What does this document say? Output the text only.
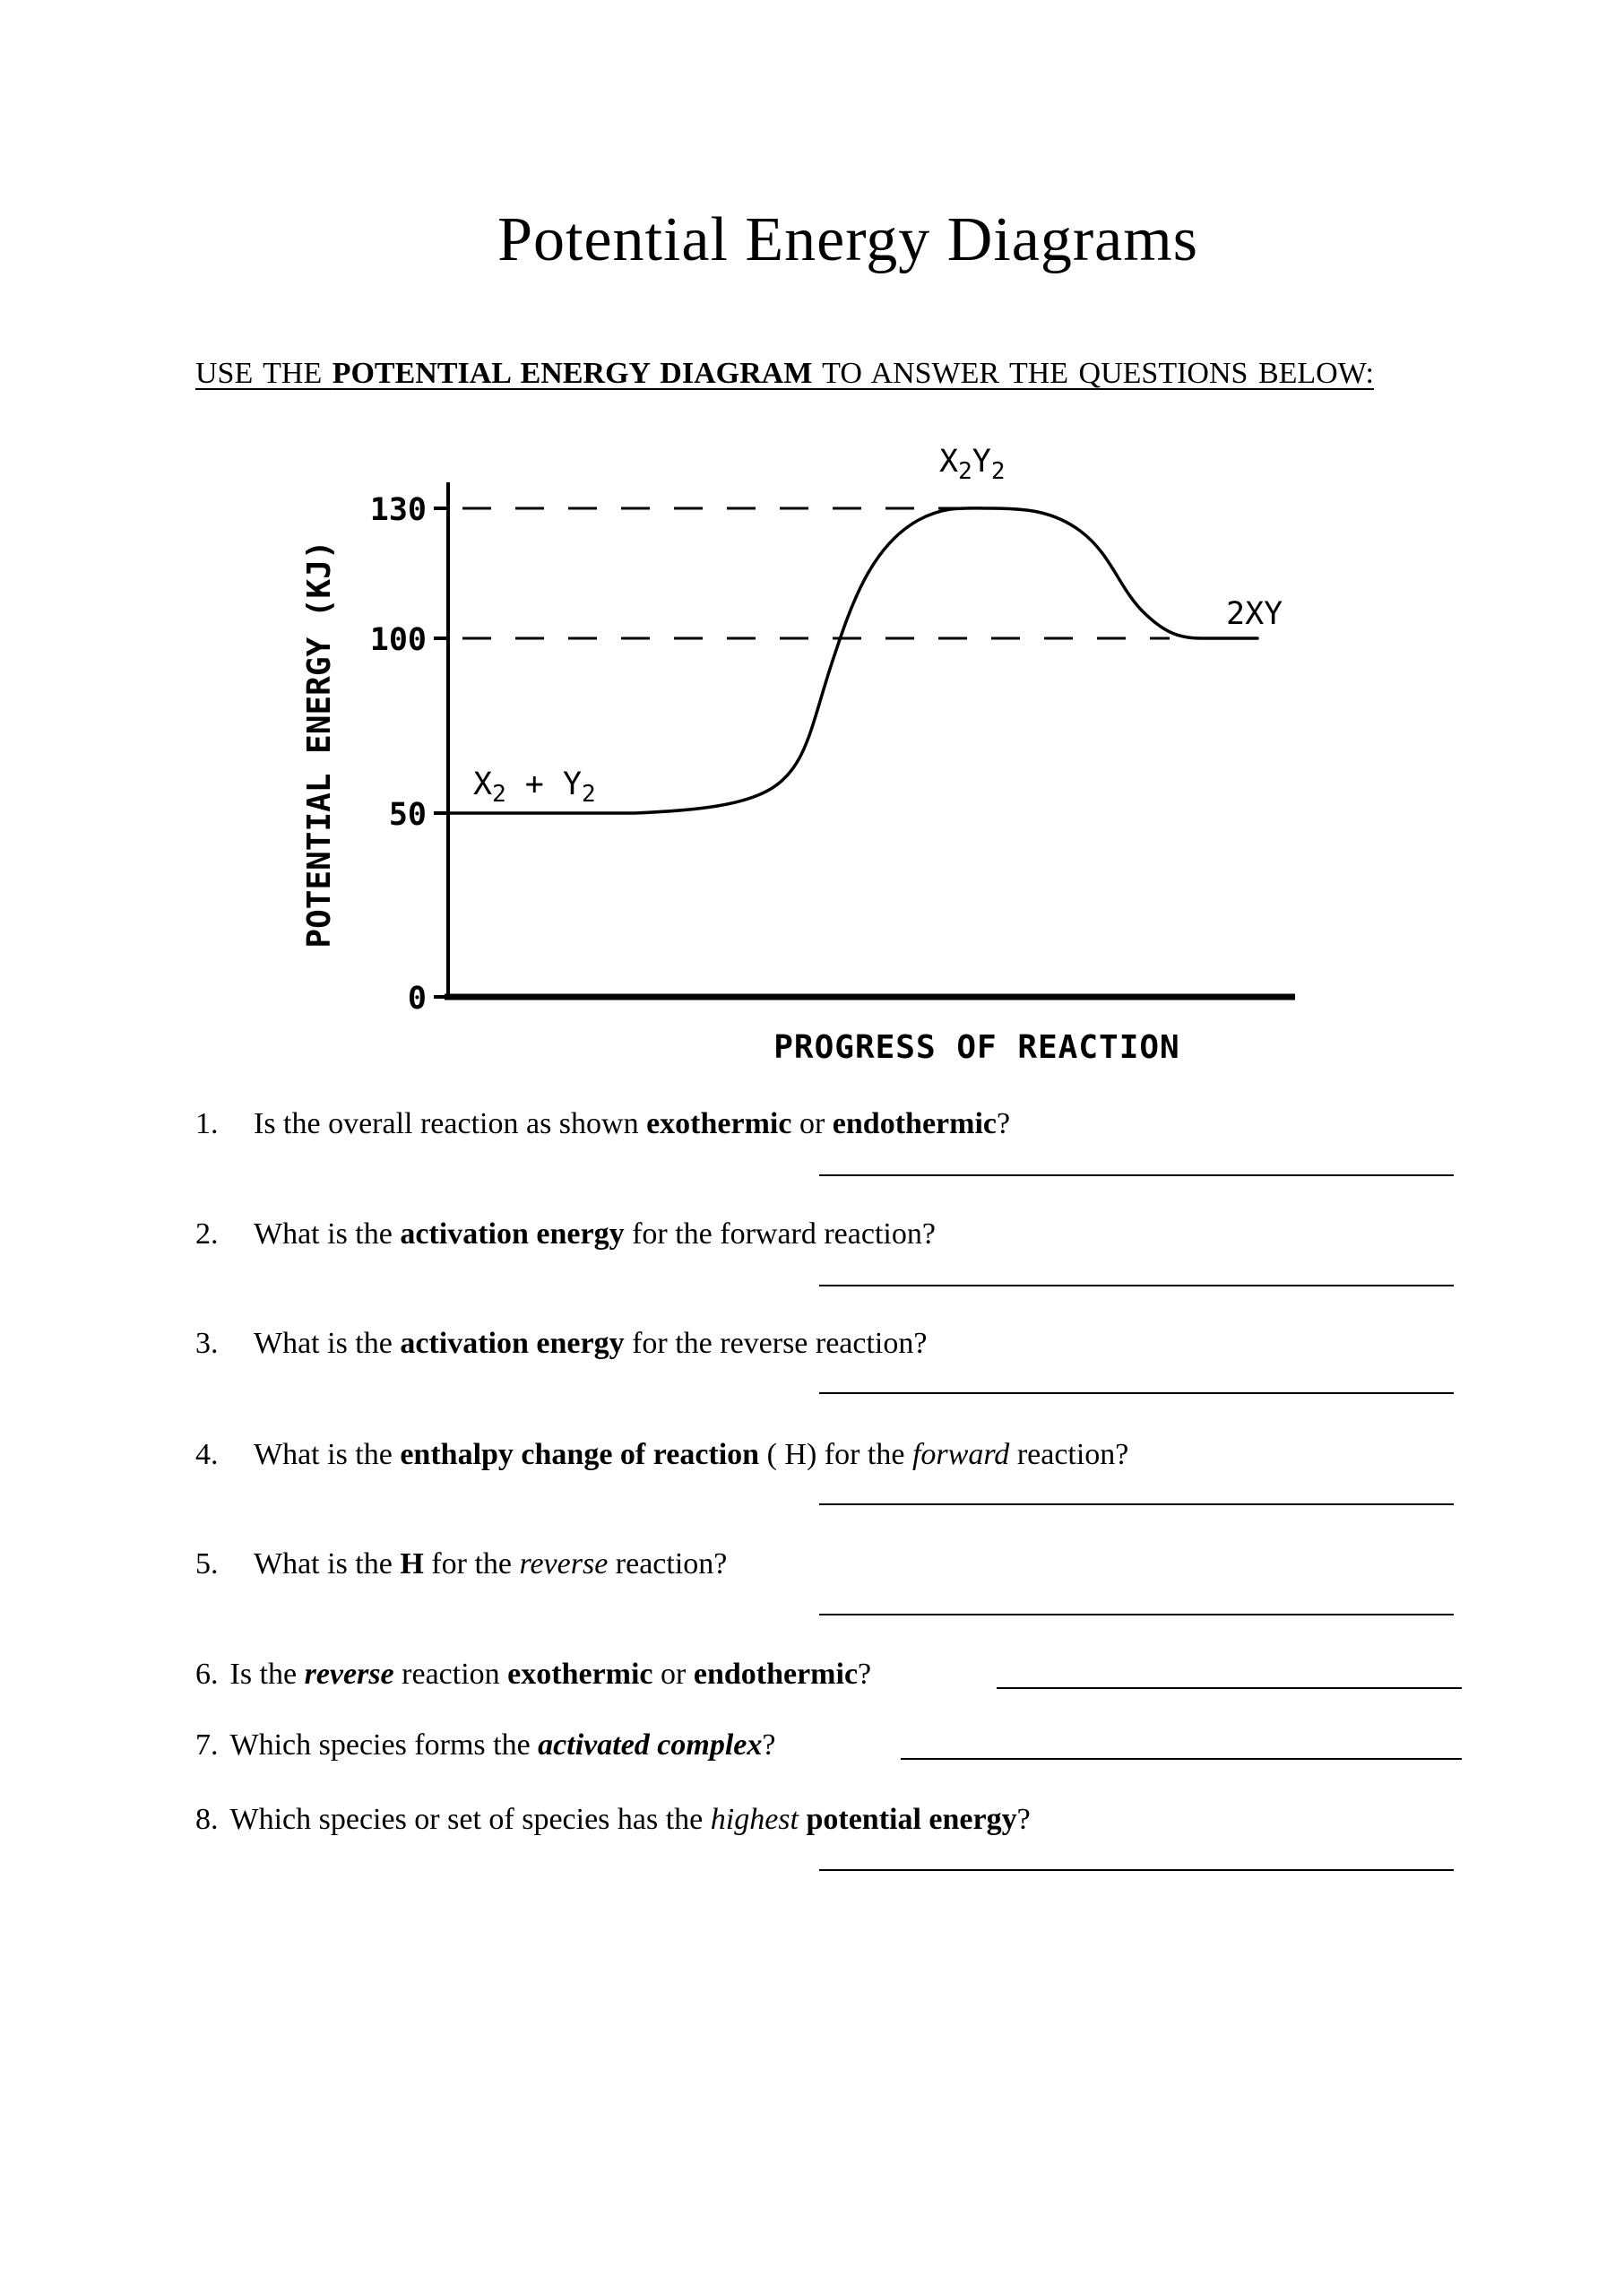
Potential Energy Diagrams
USE THE POTENTIAL ENERGY DIAGRAM TO ANSWER THE QUESTIONS BELOW:
130
100
50
0
POTENTIAL ENERGY (KJ)
PROGRESS OF REACTION
$X_2 + Y_2$
$X_2Y_2$
2XY
1. Is the overall reaction as shown exothermic or endothermic?
2. What is the activation energy for the forward reaction?
3. What is the activation energy for the reverse reaction?
4. What is the enthalpy change of reaction ( H) for the forward reaction?
5. What is the H for the reverse reaction?
6. Is the reverse reaction exothermic or endothermic?
7. Which species forms the activated complex?
8. Which species or set of species has the highest potential energy?
